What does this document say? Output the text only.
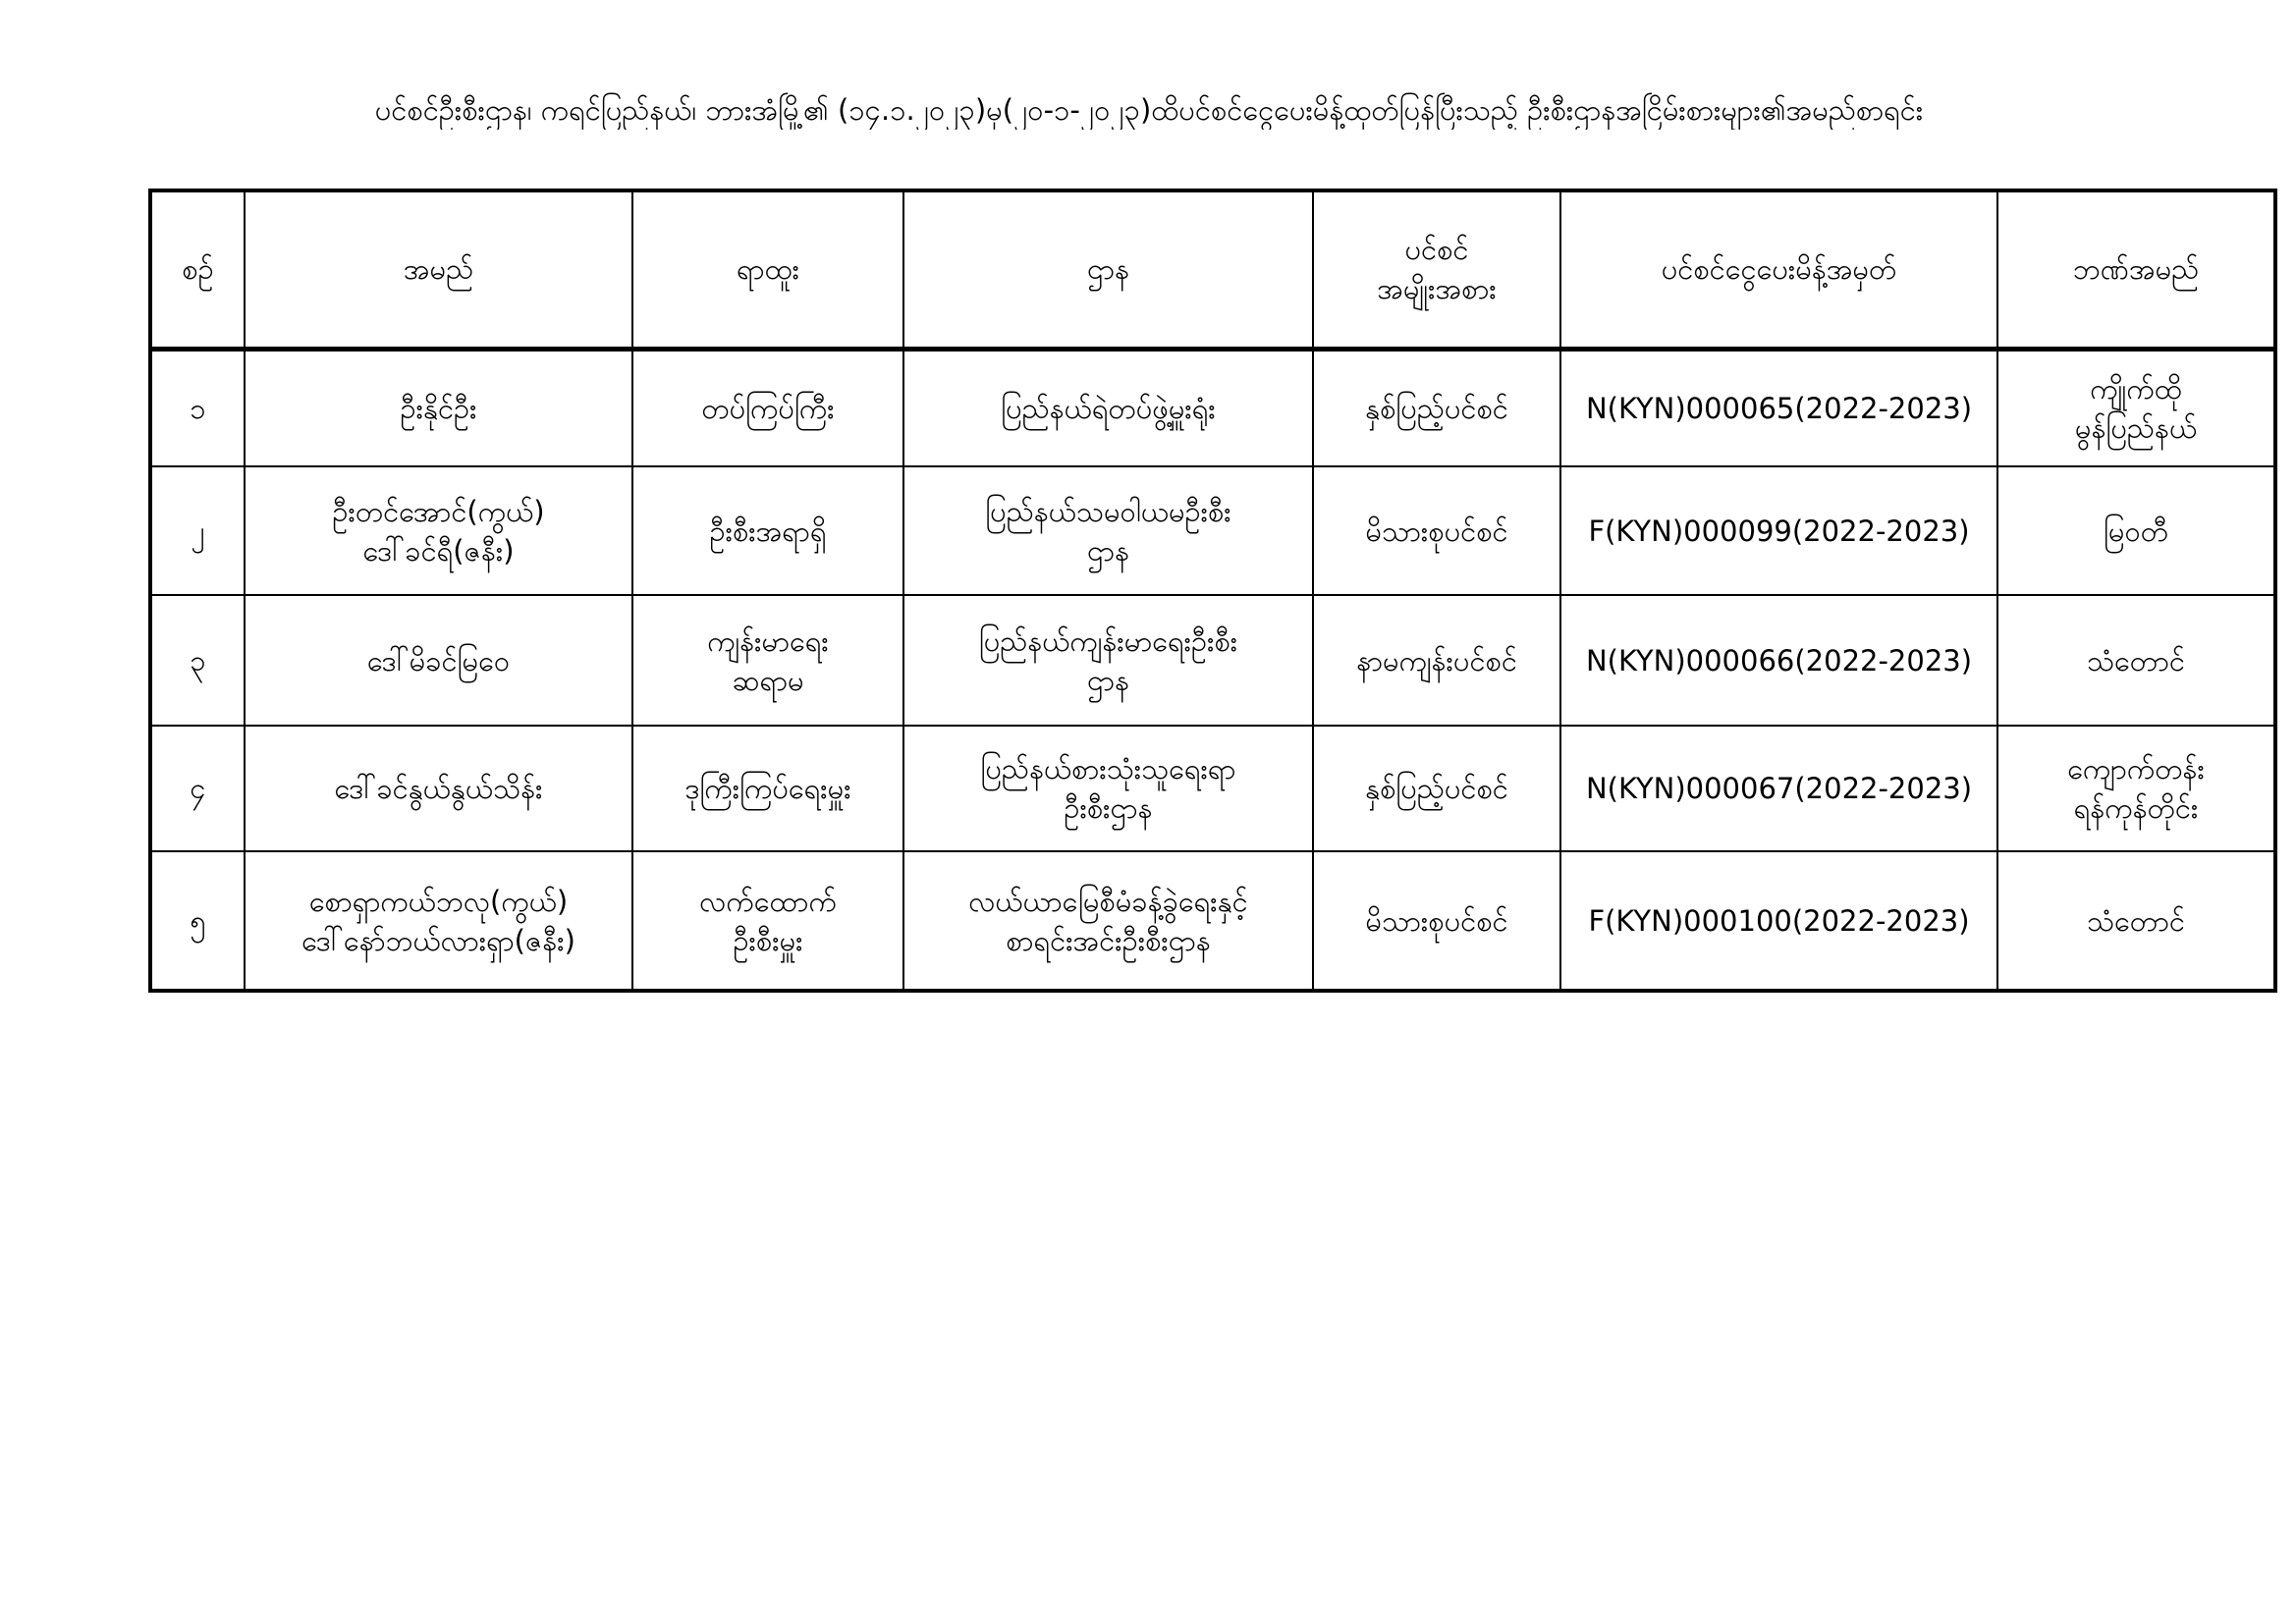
ပင်စင်ဦးစီးဌာန၊ ကရင်ပြည်နယ်၊ ဘားအံမြို့၏ (၁၄.၁.၂၀၂၃)မှ(၂၀-၁-၂၀၂၃)ထိပင်စင်ငွေပေးမိန့်ထုတ်ပြန်ပြီးသည့် ဦးစီးဌာနအငြိမ်းစားများ၏အမည်စာရင်း
စဉ်	အမည်	ရာထူး	ဌာန	ပင်စင်
အမျိုးအစား	ပင်စင်ငွေပေးမိန့်အမှတ်	ဘဏ်အမည်
၁	ဦးနိုင်ဦး	တပ်ကြပ်ကြီး	ပြည်နယ်ရဲတပ်ဖွဲ့မှူးရုံး	နှစ်ပြည့်ပင်စင်	N(KYN)000065(2022-2023)	ကျိုက်ထို
မွန်ပြည်နယ်

၂	ဦးတင်အောင်(ကွယ်)
ဒေါ်ခင်ရီ(ဇနီး)	ဦးစီးအရာရှိ	ပြည်နယ်သမဝါယမဦးစီး
ဌာန	မိသားစုပင်စင်	F(KYN)000099(2022-2023)	မြဝတီ

၃	ဒေါ်မိခင်မြဝေ	ကျန်းမာရေး
ဆရာမ	ပြည်နယ်ကျန်းမာရေးဦးစီး
ဌာန	နာမကျန်းပင်စင်	N(KYN)000066(2022-2023)	သံတောင်

၄	ဒေါ်ခင်နွယ်နွယ်သိန်း	ဒုကြီးကြပ်ရေးမှူး	ပြည်နယ်စားသုံးသူရေးရာ
ဦးစီးဌာန	နှစ်ပြည့်ပင်စင်	N(KYN)000067(2022-2023)	ကျောက်တန်း
ရန်ကုန်တိုင်း

၅	စောရှာကယ်ဘလု(ကွယ်)
ဒေါ်နော်ဘယ်လားရှာ(ဇနီး)	လက်ထောက်
ဦးစီးမှူး	လယ်ယာမြေစီမံခန့်ခွဲရေးနှင့်
စာရင်းအင်းဦးစီးဌာန	မိသားစုပင်စင်	F(KYN)000100(2022-2023)	သံတောင်
